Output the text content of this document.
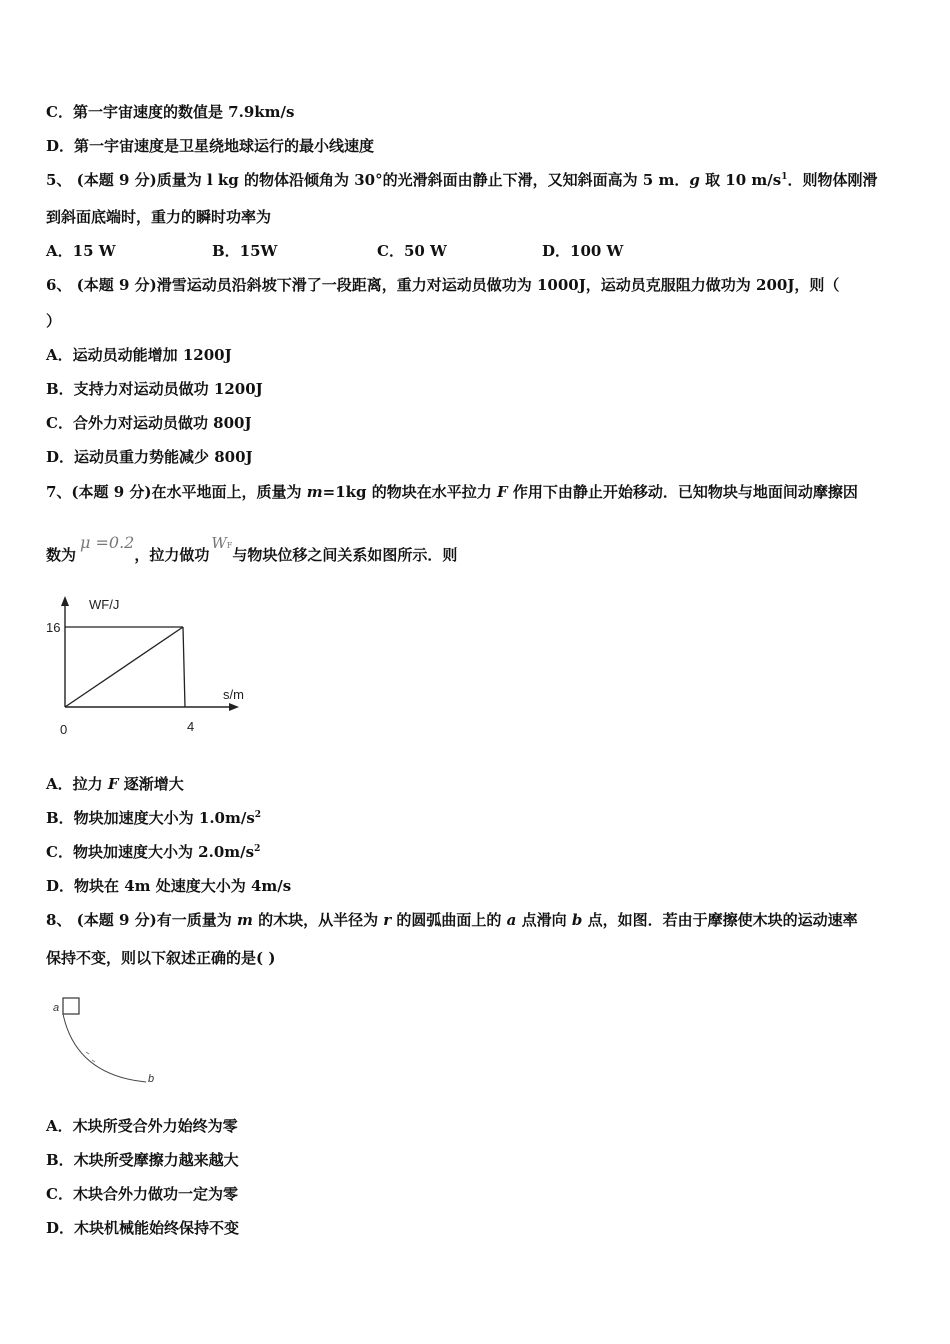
C．第一宇宙速度的数值是 7.9km/s
D．第一宇宙速度是卫星绕地球运行的最小线速度
5、 (本题 9 分)质量为 l kg 的物体沿倾角为 30°的光滑斜面由静止下滑，又知斜面高为 5 m．g 取 10 $m/s^1$．则物体刚滑
到斜面底端时，重力的瞬时功率为
A．15 W	B．15W	C．50 W	D．100 W
6、 (本题 9 分)滑雪运动员沿斜坡下滑了一段距离，重力对运动员做功为 1000J，运动员克服阻力做功为 200J，则（
）
A．运动员动能增加 1200J
B．支持力对运动员做功 1200J
C．合外力对运动员做功 800J
D．运动员重力势能减少 800J
7、(本题 9 分)在水平地面上，质量为 m=1kg 的物块在水平拉力 F 作用下由静止开始移动．已知物块与地面间动摩擦因
数为μ =0.2，拉力做功WF与物块位移之间关系如图所示．则
WF/J
s/m
16
4
0
A．拉力 F 逐渐增大
B．物块加速度大小为 $1.0m/s^2$
C．物块加速度大小为 $2.0m/s^2$
D．物块在 4m 处速度大小为 4m/s
8、 (本题 9 分)有一质量为 m 的木块，从半径为 r 的圆弧曲面上的 a 点滑向 b 点，如图．若由于摩擦使木块的运动速率
保持不变，则以下叙述正确的是( )
a
b
A．木块所受合外力始终为零
B．木块所受摩擦力越来越大
C．木块合外力做功一定为零
D．木块机械能始终保持不变
